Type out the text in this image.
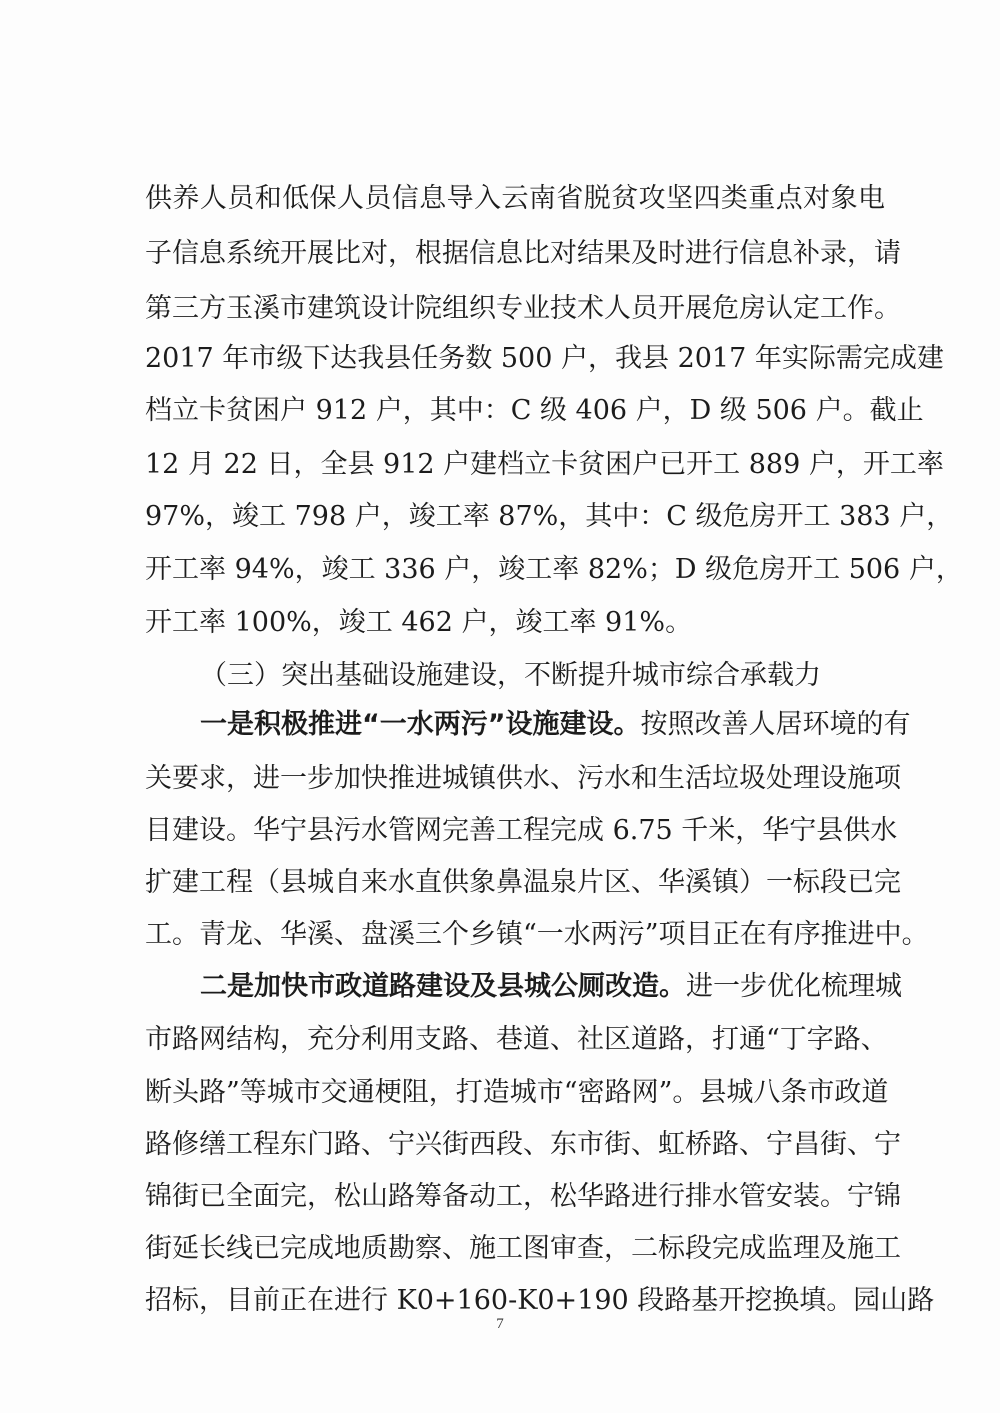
供养人员和低保人员信息导入云南省脱贫攻坚四类重点对象电
子信息系统开展比对，根据信息比对结果及时进行信息补录，请
第三方玉溪市建筑设计院组织专业技术人员开展危房认定工作。
2017 年市级下达我县任务数 500 户，我县 2017 年实际需完成建
档立卡贫困户 912 户，其中：C 级 406 户，D 级 506 户。截止
12 月 22 日，全县 912 户建档立卡贫困户已开工 889 户，开工率
97%，竣工 798 户，竣工率 87%，其中：C 级危房开工 383 户，
开工率 94%，竣工 336 户，竣工率 82%；D 级危房开工 506 户，
开工率 100%，竣工 462 户，竣工率 91%。
（三）突出基础设施建设，不断提升城市综合承载力
一是积极推进“一水两污”设施建设。按照改善人居环境的有
关要求，进一步加快推进城镇供水、污水和生活垃圾处理设施项
目建设。华宁县污水管网完善工程完成 6.75 千米，华宁县供水
扩建工程（县城自来水直供象鼻温泉片区、华溪镇）一标段已完
工。青龙、华溪、盘溪三个乡镇“一水两污”项目正在有序推进中。
二是加快市政道路建设及县城公厕改造。进一步优化梳理城
市路网结构，充分利用支路、巷道、社区道路，打通“丁字路、
断头路”等城市交通梗阻，打造城市“密路网”。县城八条市政道
路修缮工程东门路、宁兴街西段、东市街、虹桥路、宁昌街、宁
锦街已全面完，松山路筹备动工，松华路进行排水管安装。宁锦
街延长线已完成地质勘察、施工图审查，二标段完成监理及施工
招标，目前正在进行 K0+160-K0+190 段路基开挖换填。园山路
7
